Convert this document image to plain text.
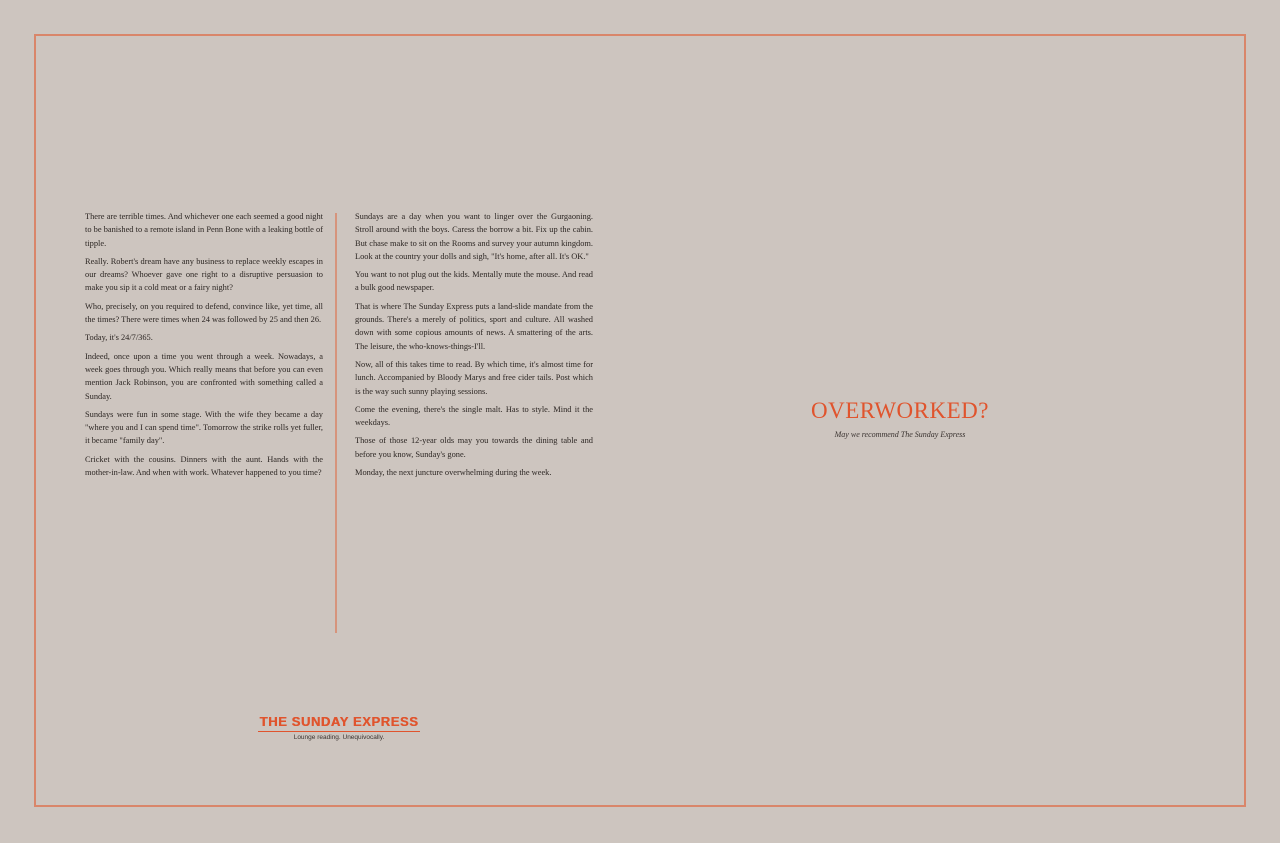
There are terrible times. And whichever one each seemed a good night to be banished to a remote island in Penn Bone with a leaking bottle of tipple.

Really. Robert's dream have any business to replace weekly escapes in our dreams? Whoever gave one right to a disruptive persuasion to make you sip it a cold meat or a fairy night?

Who, precisely, on you required to defend, convince like, yet time, all the times? There were times when 24 was followed by 25 and then 26.

Today, it's 24/7/365.

Indeed, once upon a time you went through a week. Nowadays, a week goes through you. Which really means that before you can even mention Jack Robinson, you are confronted with something called a Sunday.

Sundays were fun in some stage. With the wife they became a day "where you and I can spend time". Tomorrow the strike rolls yet fuller, it became "family day".

Cricket with the cousins. Dinners with the aunt. Hands with the mother-in-law. And when with work. Whatever happened to you time?

Sundays are a day when you want to linger over the Gurgaoning. Stroll around with the boys. Caress the borrow a bit. Fix up the cabin. But chase make to sit on the Rooms and survey your autumn kingdom. Look at the country your dolls and sigh, "It's home, after all. It's OK."

You want to not plug out the kids. Mentally mute the mouse. And read a bulk good newspaper.

That is where The Sunday Express puts a land-slide mandate from the grounds. There's a merely of politics, sport and culture. All washed down with some copious amounts of news. A smattering of the arts. The leisure, the who-knows-things-I'll.

Now, all of this takes time to read. By which time, it's almost time for lunch. Accompanied by Bloody Marys and free cider tails. Post which is the way such sunny playing sessions.

Come the evening, there's the single malt. Has to style. Mind it the weekdays.

Those of those 12-year olds may you towards the dining table and before you know, Sunday's gone.

Monday, the next juncture overwhelming during the week.

OVERWORKED?

May we recommend The Sunday Express

THE SUNDAY EXPRESS
Lounge reading. Unequivocally.
